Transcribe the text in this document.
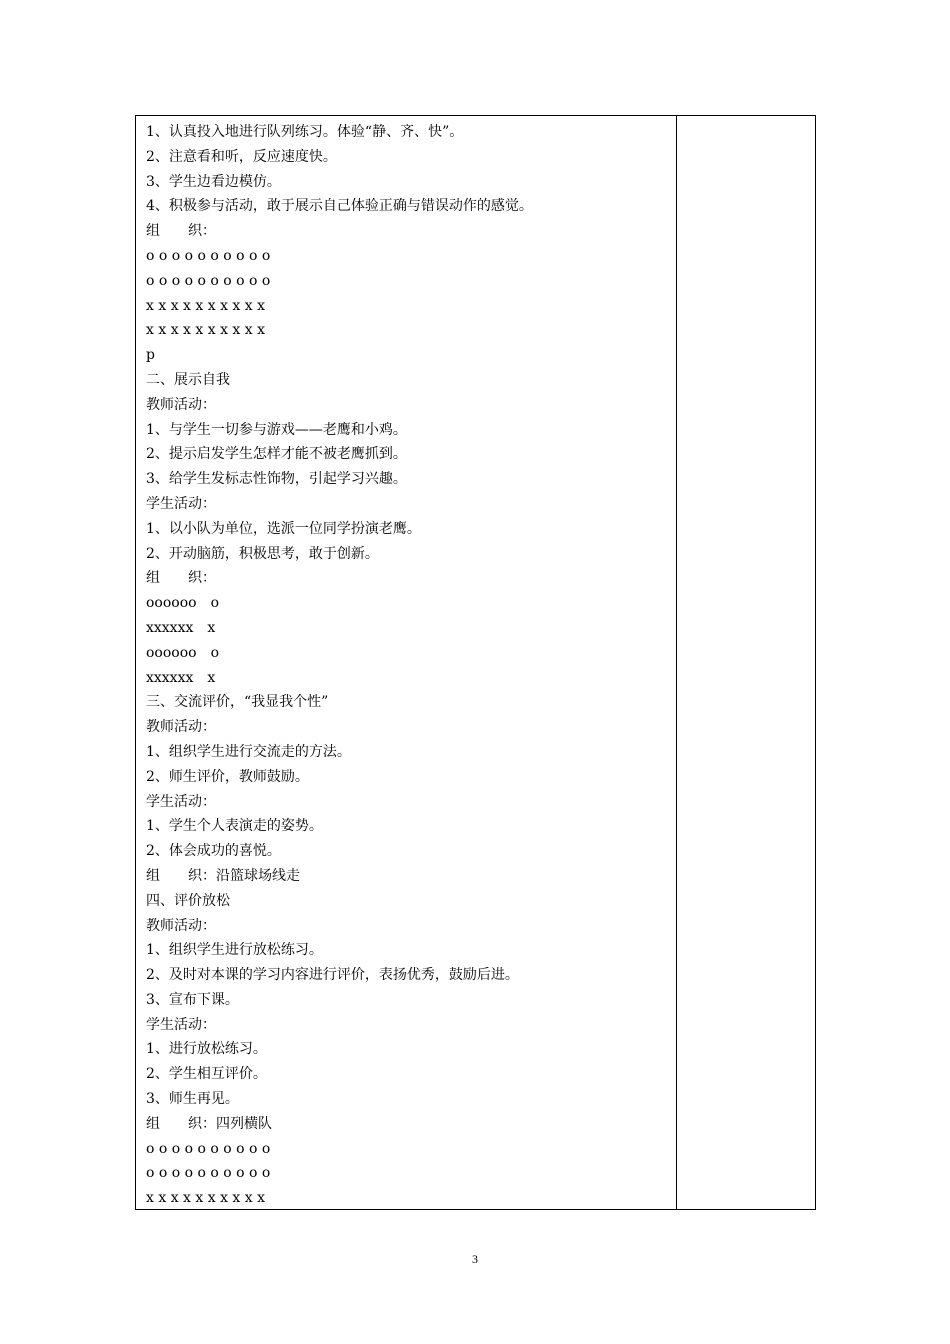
1、认真投入地进行队列练习。体验“静、齐、快”。
2、注意看和听，反应速度快。
3、学生边看边模仿。
4、积极参与活动，敢于展示自己体验正确与错误动作的感觉。
组　　织：
o o o o o o o o o o
o o o o o o o o o o
x x x x x x x x x x
x x x x x x x x x x
p
二、展示自我
教师活动：
1、与学生一切参与游戏——老鹰和小鸡。
2、提示启发学生怎样才能不被老鹰抓到。
3、给学生发标志性饰物，引起学习兴趣。
学生活动：
1、以小队为单位，选派一位同学扮演老鹰。
2、开动脑筋，积极思考，敢于创新。
组　　织：
oooooo　o
xxxxxx　x
oooooo　o
xxxxxx　x
三、交流评价，“我显我个性”
教师活动：
1、组织学生进行交流走的方法。
2、师生评价，教师鼓励。
学生活动：
1、学生个人表演走的姿势。
2、体会成功的喜悦。
组　　织：沿篮球场线走
四、评价放松
教师活动：
1、组织学生进行放松练习。
2、及时对本课的学习内容进行评价，表扬优秀，鼓励后进。
3、宣布下课。
学生活动：
1、进行放松练习。
2、学生相互评价。
3、师生再见。
组　　织：四列横队
o o o o o o o o o o
o o o o o o o o o o
x x x x x x x x x x
3
